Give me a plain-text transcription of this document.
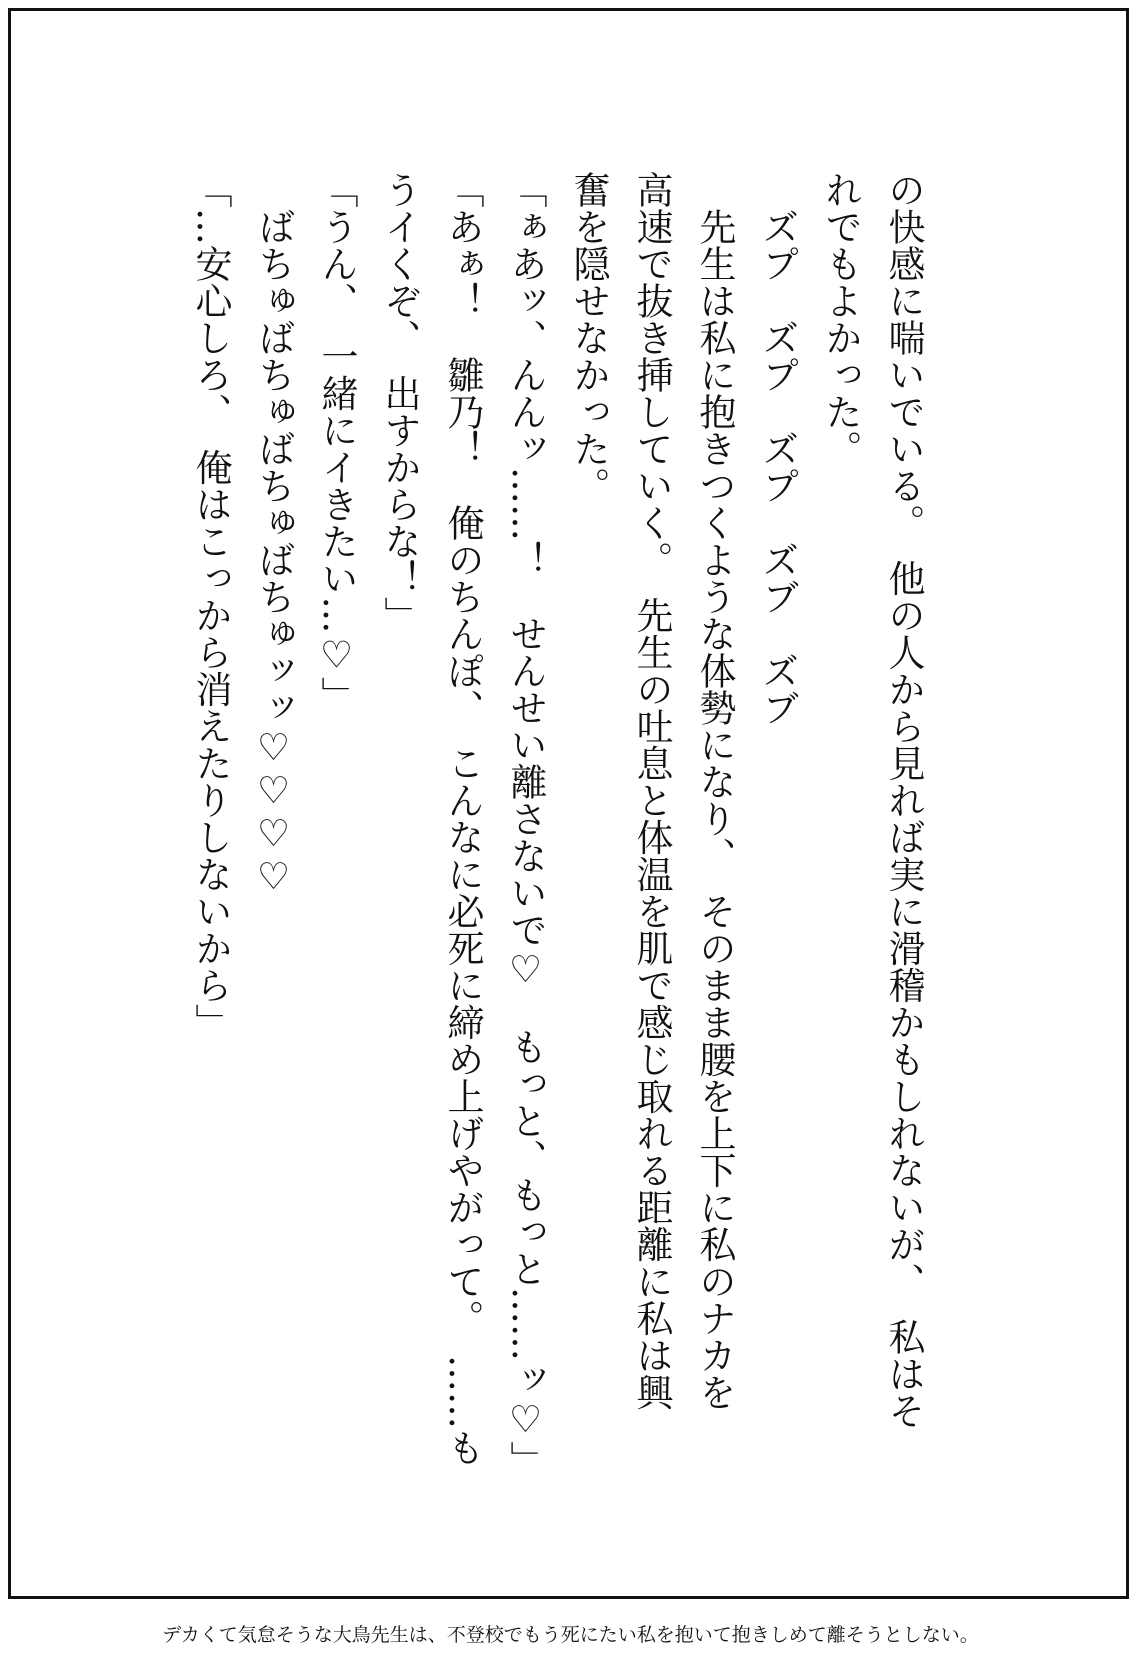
の快感に喘いでいる。　他の人から見れば実に滑稽かもしれないが、　私はそ

れでもよかった。

　ズプ　ズプ　ズプ　ズブ　ズブ

　先生は私に抱きつくような体勢になり、　そのまま腰を上下に私のナカを

高速で抜き挿していく。　先生の吐息と体温を肌で感じ取れる距離に私は興

奮を隠せなかった。

「ぁあッ、んんッ……！　せんせい離さないで♡　もっと、もっと……ッ♡」

「あぁ！　雛乃！　俺のちんぽ、　こんなに必死に締め上げやがって。　……も

うイくぞ、　出すからな！」

「うん、　一緒にイきたい…♡」

　ばちゅばちゅばちゅばちゅッッ♡♡♡♡

「…安心しろ、　俺はこっから消えたりしないから」

デカくて気怠そうな大鳥先生は、不登校でもう死にたい私を抱いて抱きしめて離そうとしない。
